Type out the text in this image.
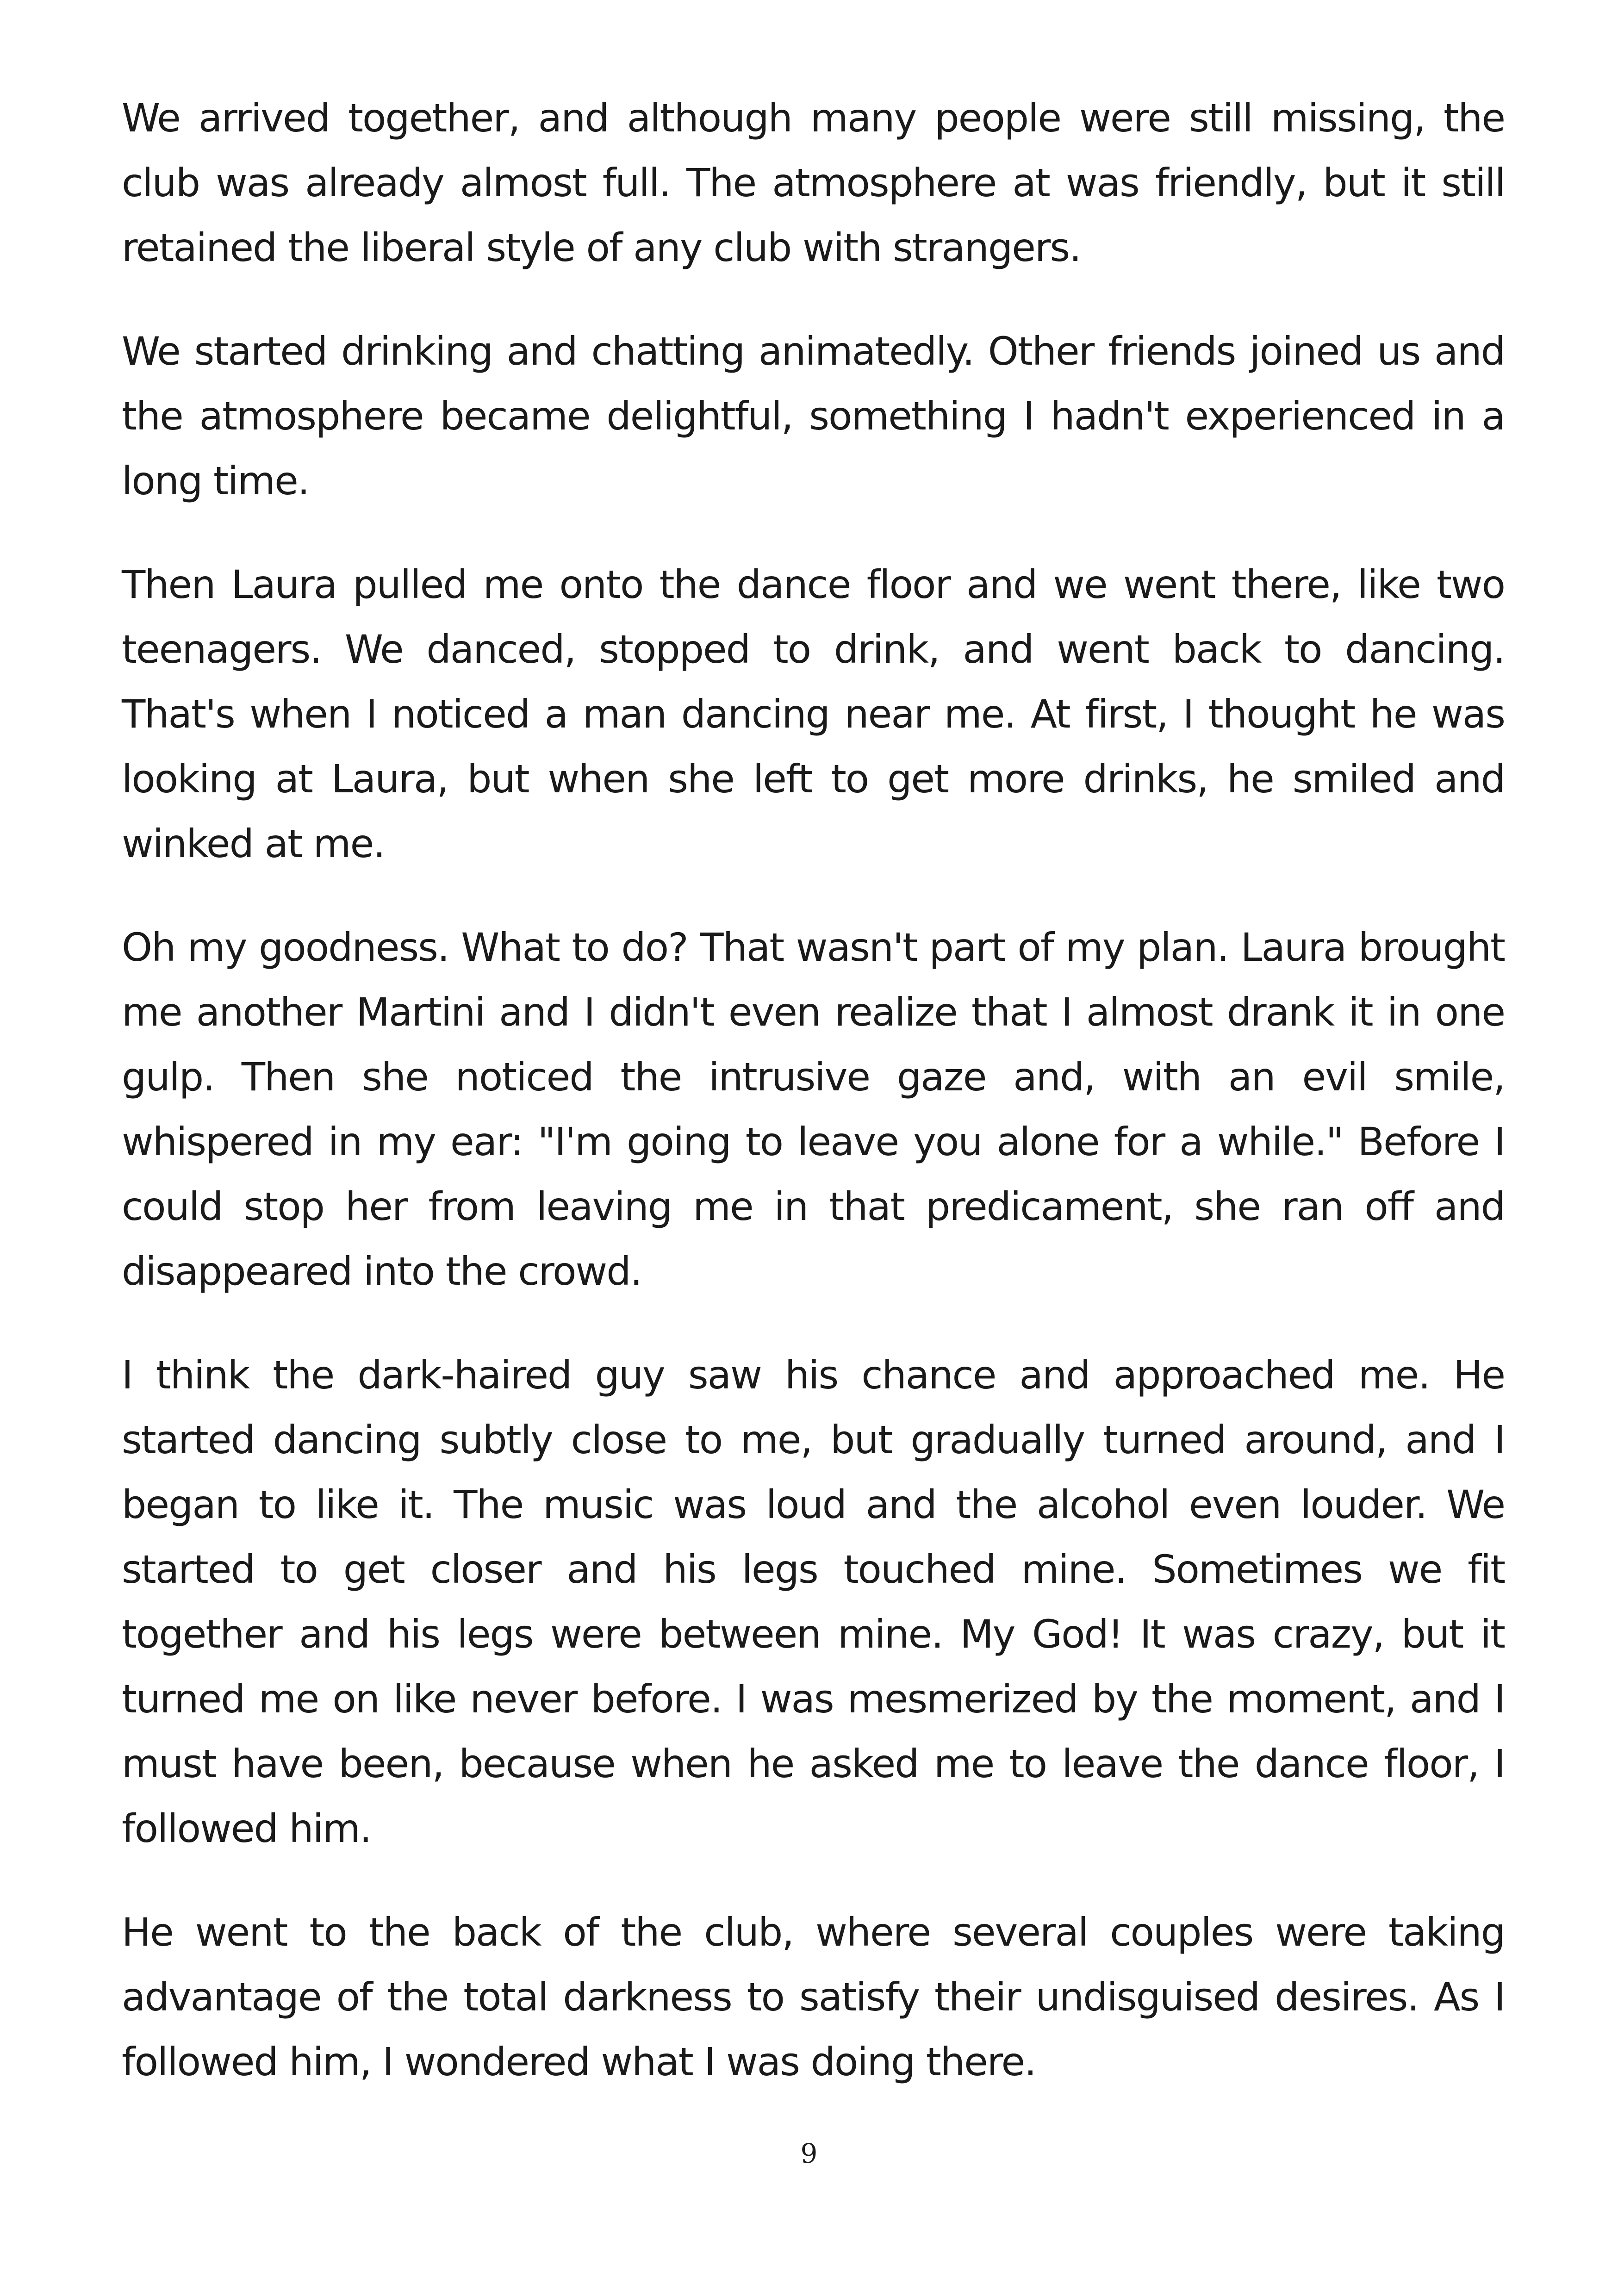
We arrived together, and although many people were still missing, the club was already almost full. The atmosphere at was friendly, but it still retained the liberal style of any club with strangers.

We started drinking and chatting animatedly. Other friends joined us and the atmosphere became delightful, something I hadn't experienced in a long time.

Then Laura pulled me onto the dance floor and we went there, like two teenagers. We danced, stopped to drink, and went back to dancing. That's when I noticed a man dancing near me. At first, I thought he was looking at Laura, but when she left to get more drinks, he smiled and winked at me.

Oh my goodness. What to do? That wasn't part of my plan. Laura brought me another Martini and I didn't even realize that I almost drank it in one gulp. Then she noticed the intrusive gaze and, with an evil smile, whispered in my ear: "I'm going to leave you alone for a while." Before I could stop her from leaving me in that predicament, she ran off and disappeared into the crowd.

I think the dark-haired guy saw his chance and approached me. He started dancing subtly close to me, but gradually turned around, and I began to like it. The music was loud and the alcohol even louder. We started to get closer and his legs touched mine. Sometimes we fit together and his legs were between mine. My God! It was crazy, but it turned me on like never before. I was mesmerized by the moment, and I must have been, because when he asked me to leave the dance floor, I followed him.

He went to the back of the club, where several couples were taking advantage of the total darkness to satisfy their undisguised desires. As I followed him, I wondered what I was doing there.

9
